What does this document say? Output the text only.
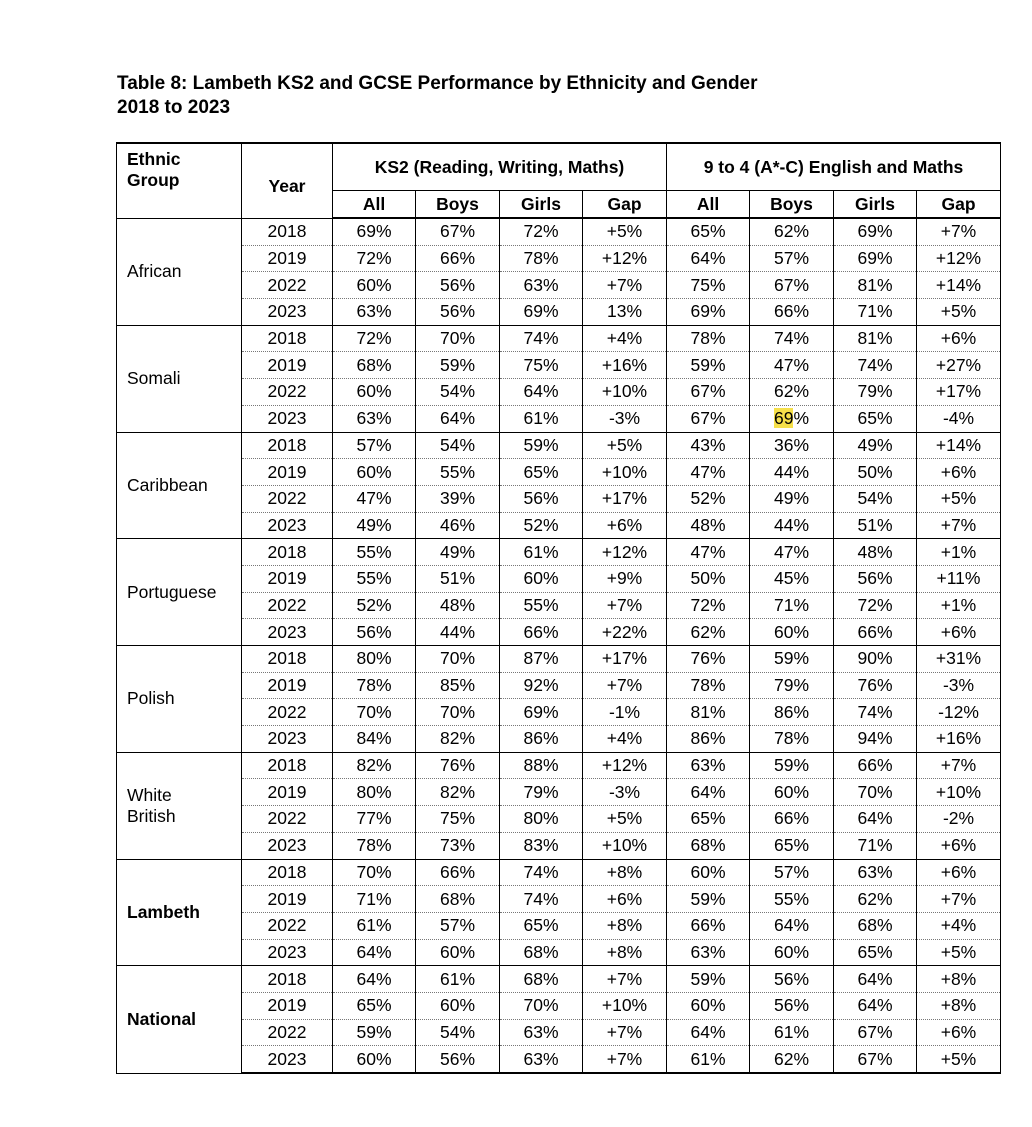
Table 8: Lambeth KS2 and GCSE Performance by Ethnicity and Gender
2018 to 2023
Ethnic
Group	Year	KS2 (Reading, Writing, Maths)				9 to 4 (A*-C) English and Maths			
		All	Boys	Girls	Gap	All	Boys	Girls	Gap

African	2018	69%	67%	72%	+5%	65%	62%	69%	+7%
	2019	72%	66%	78%	+12%	64%	57%	69%	+12%
	2022	60%	56%	63%	+7%	75%	67%	81%	+14%
	2023	63%	56%	69%	13%	69%	66%	71%	+5%

Somali	2018	72%	70%	74%	+4%	78%	74%	81%	+6%
	2019	68%	59%	75%	+16%	59%	47%	74%	+27%
	2022	60%	54%	64%	+10%	67%	62%	79%	+17%
	2023	63%	64%	61%	-3%	67%	69%	65%	-4%

Caribbean	2018	57%	54%	59%	+5%	43%	36%	49%	+14%
	2019	60%	55%	65%	+10%	47%	44%	50%	+6%
	2022	47%	39%	56%	+17%	52%	49%	54%	+5%
	2023	49%	46%	52%	+6%	48%	44%	51%	+7%

Portuguese	2018	55%	49%	61%	+12%	47%	47%	48%	+1%
	2019	55%	51%	60%	+9%	50%	45%	56%	+11%
	2022	52%	48%	55%	+7%	72%	71%	72%	+1%
	2023	56%	44%	66%	+22%	62%	60%	66%	+6%

Polish	2018	80%	70%	87%	+17%	76%	59%	90%	+31%
	2019	78%	85%	92%	+7%	78%	79%	76%	-3%
	2022	70%	70%	69%	-1%	81%	86%	74%	-12%
	2023	84%	82%	86%	+4%	86%	78%	94%	+16%

White
British	2018	82%	76%	88%	+12%	63%	59%	66%	+7%
	2019	80%	82%	79%	-3%	64%	60%	70%	+10%
	2022	77%	75%	80%	+5%	65%	66%	64%	-2%
	2023	78%	73%	83%	+10%	68%	65%	71%	+6%

Lambeth	2018	70%	66%	74%	+8%	60%	57%	63%	+6%
	2019	71%	68%	74%	+6%	59%	55%	62%	+7%
	2022	61%	57%	65%	+8%	66%	64%	68%	+4%
	2023	64%	60%	68%	+8%	63%	60%	65%	+5%

National	2018	64%	61%	68%	+7%	59%	56%	64%	+8%
	2019	65%	60%	70%	+10%	60%	56%	64%	+8%
	2022	59%	54%	63%	+7%	64%	61%	67%	+6%
	2023	60%	56%	63%	+7%	61%	62%	67%	+5%
